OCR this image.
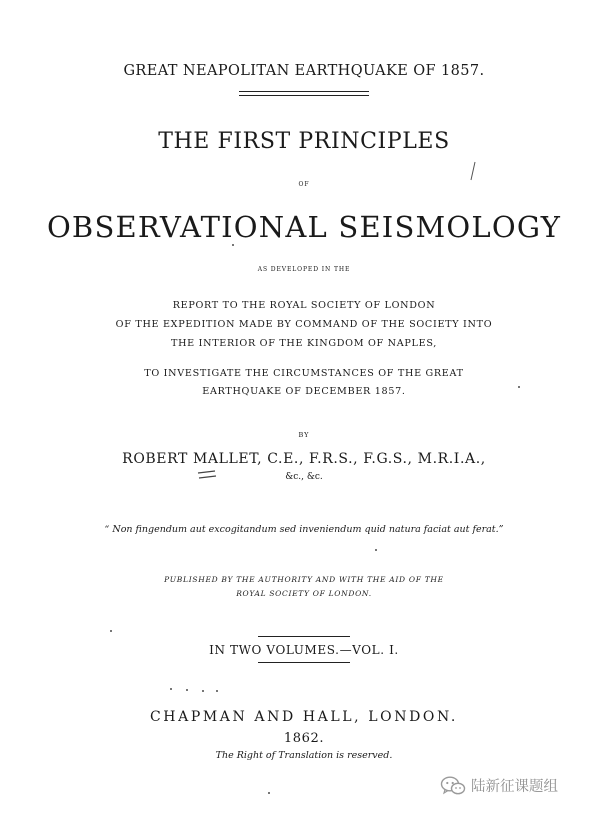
GREAT NEAPOLITAN EARTHQUAKE OF 1857.
THE FIRST PRINCIPLES
OF
OBSERVATIONAL SEISMOLOGY
AS DEVELOPED IN THE
REPORT TO THE ROYAL SOCIETY OF LONDON
OF THE EXPEDITION MADE BY COMMAND OF THE SOCIETY INTO
THE INTERIOR OF THE KINGDOM OF NAPLES,
TO INVESTIGATE THE CIRCUMSTANCES OF THE GREAT
EARTHQUAKE OF DECEMBER 1857.
BY
ROBERT MALLET, C.E., F.R.S., F.G.S., M.R.I.A.,
&c., &c.
“ Non fingendum aut excogitandum sed inveniendum quid natura faciat aut ferat.”
PUBLISHED BY THE AUTHORITY AND WITH THE AID OF THE
ROYAL SOCIETY OF LONDON.
IN TWO VOLUMES.—VOL. I.
CHAPMAN AND HALL, LONDON.
1862.
The Right of Translation is reserved.
陆新征课题组
